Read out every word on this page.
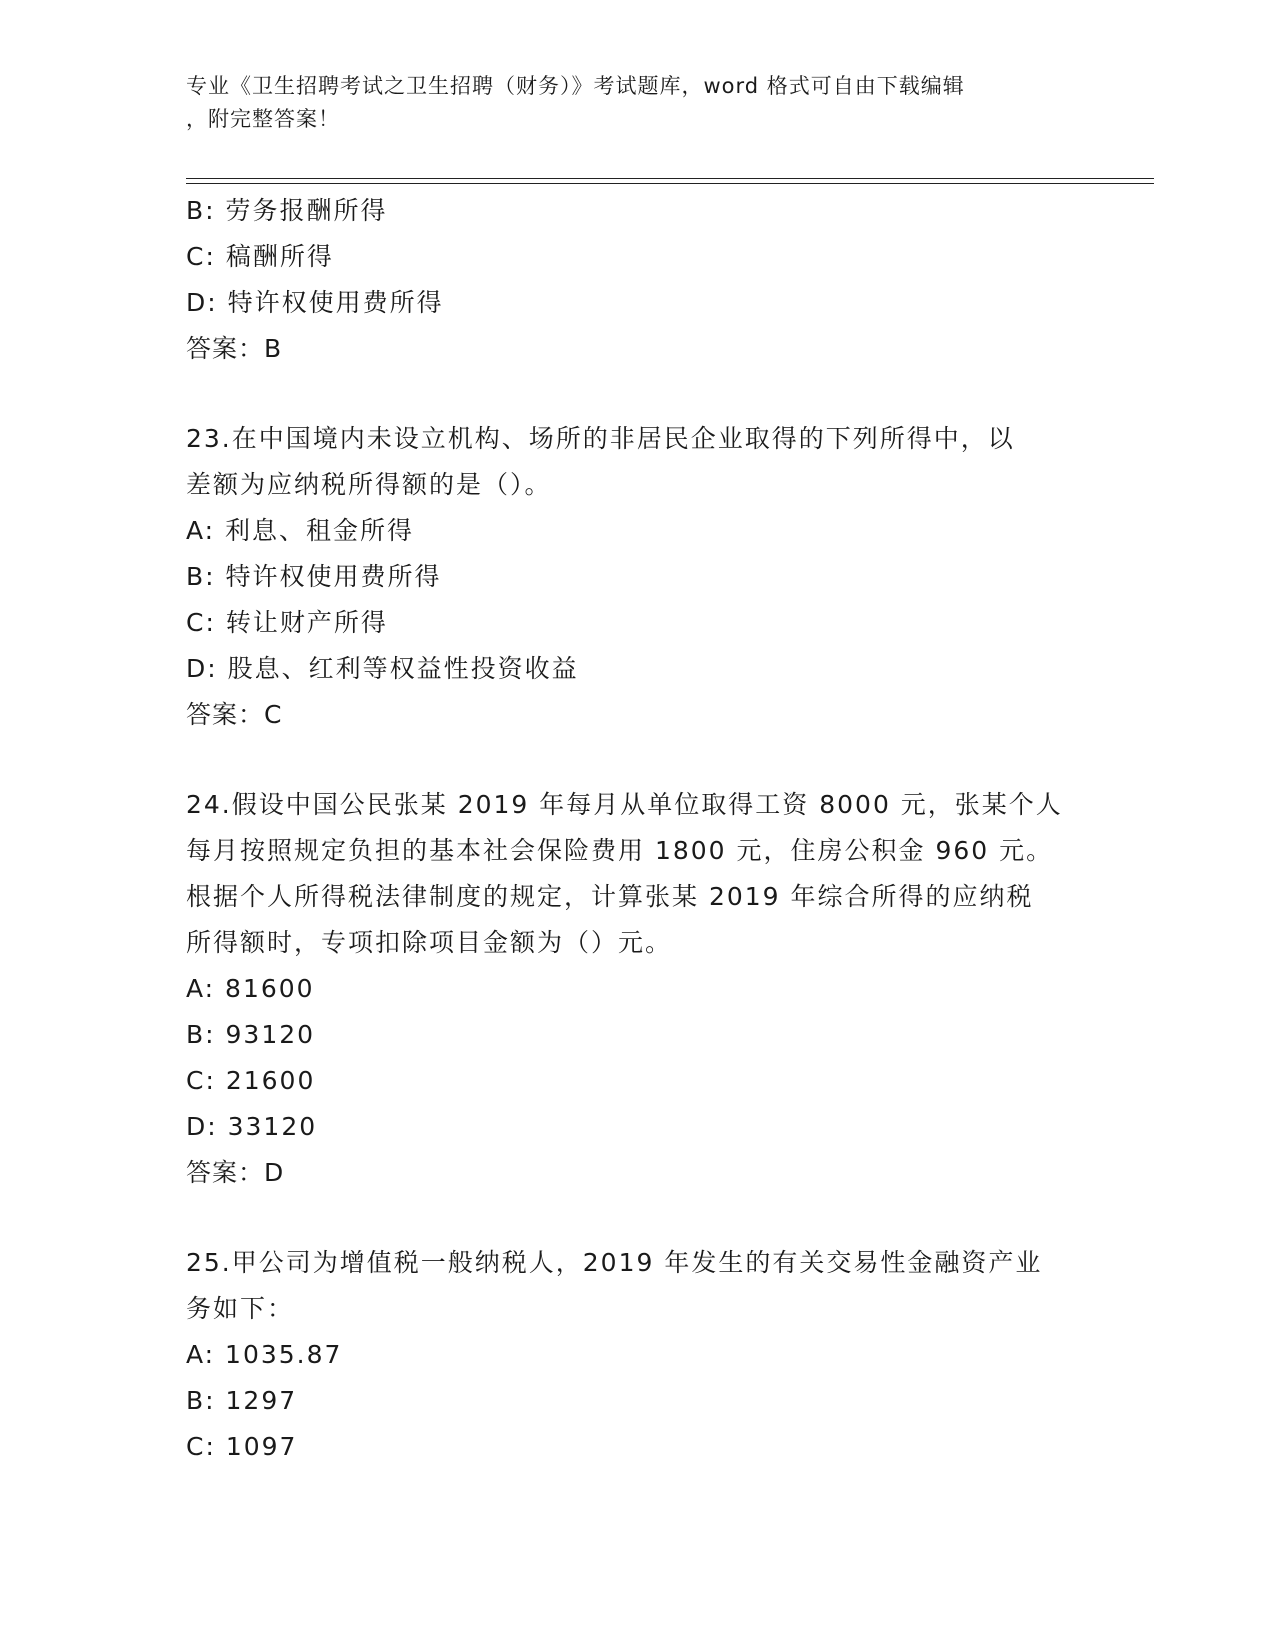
专业《卫生招聘考试之卫生招聘（财务）》考试题库，word 格式可自由下载编辑
，附完整答案！
B: 劳务报酬所得
C: 稿酬所得
D: 特许权使用费所得
答案：B
23.在中国境内未设立机构、场所的非居民企业取得的下列所得中，以
差额为应纳税所得额的是（）。
A: 利息、租金所得
B: 特许权使用费所得
C: 转让财产所得
D: 股息、红利等权益性投资收益
答案：C
24.假设中国公民张某 2019 年每月从单位取得工资 8000 元，张某个人
每月按照规定负担的基本社会保险费用 1800 元，住房公积金 960 元。
根据个人所得税法律制度的规定，计算张某 2019 年综合所得的应纳税
所得额时，专项扣除项目金额为（）元。
A: 81600
B: 93120
C: 21600
D: 33120
答案：D
25.甲公司为增值税一般纳税人，2019 年发生的有关交易性金融资产业
务如下：
A: 1035.87
B: 1297
C: 1097
